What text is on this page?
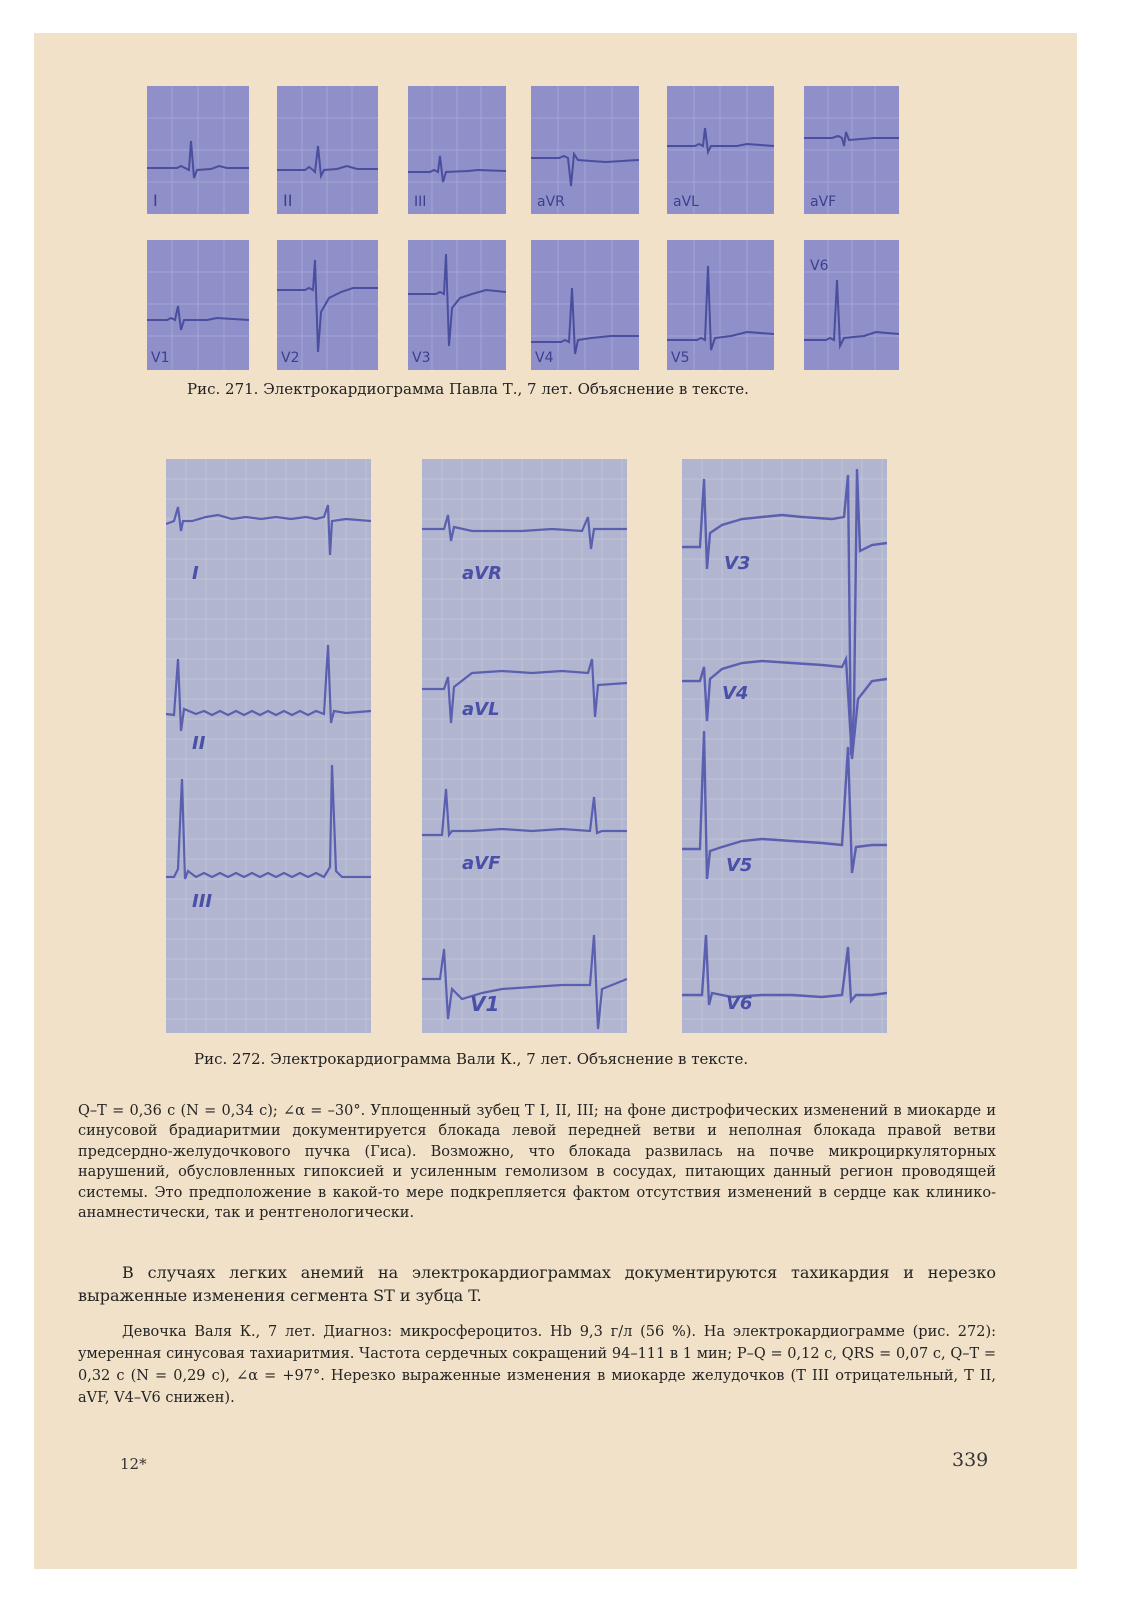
I	II	III	aVR	aVL	aVF
V1	V2	V3	V4	V5
V6
Рис. 271. Электрокардиограмма Павла Т., 7 лет. Объяснение в тексте.
I
II
III
aVR
aVL
aVF
V1
V3
V4
V5
V6
Рис. 272. Электрокардиограмма Вали К., 7 лет. Объяснение в тексте.
Q–T = 0,36 с (N = 0,34 с); ∠α = –30°. Уплощенный зубец T I, II, III; на фоне дистрофических изменений в миокарде и синусовой брадиаритмии документируется блокада левой передней ветви и неполная блокада правой ветви предсердно-желудочкового пучка (Гиса). Возможно, что блокада развилась на почве микроциркуляторных нарушений, обусловленных гипоксией и усиленным гемолизом в сосудах, питающих данный регион проводящей системы. Это предположение в какой-то мере подкрепляется фактом отсутствия изменений в сердце как клинико-анамнестически, так и рентгенологически.
В случаях легких анемий на электрокардиограммах документируются тахикардия и нерезко выраженные изменения сегмента ST и зубца T.
Девочка Валя К., 7 лет. Диагноз: микросфероцитоз. Hb 9,3 г/л (56 %). На электрокардиограмме (рис. 272): умеренная синусовая тахиаритмия. Частота сердечных сокращений 94–111 в 1 мин; P–Q = 0,12 с, QRS = 0,07 с, Q–T = 0,32 с (N = 0,29 с), ∠α = +97°. Нерезко выраженные изменения в миокарде желудочков (T III отрицательный, T II, aVF, V4–V6 снижен).
12*	339
